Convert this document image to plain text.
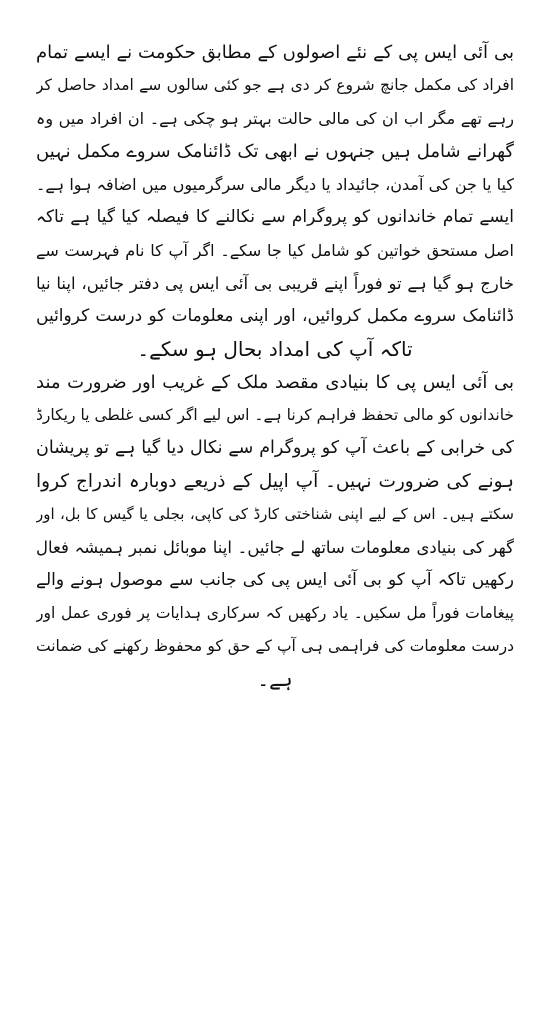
بی آئی ایس پی کے نئے اصولوں کے مطابق حکومت نے ایسے تمام
افراد کی مکمل جانچ شروع کر دی ہے جو کئی سالوں سے امداد حاصل کر
رہے تھے مگر اب ان کی مالی حالت بہتر ہو چکی ہے۔ ان افراد میں وہ
گھرانے شامل ہیں جنہوں نے ابھی تک ڈائنامک سروے مکمل نہیں
کیا یا جن کی آمدن، جائیداد یا دیگر مالی سرگرمیوں میں اضافہ ہوا ہے۔
ایسے تمام خاندانوں کو پروگرام سے نکالنے کا فیصلہ کیا گیا ہے تاکہ
اصل مستحق خواتین کو شامل کیا جا سکے۔ اگر آپ کا نام فہرست سے
خارج ہو گیا ہے تو فوراً اپنے قریبی بی آئی ایس پی دفتر جائیں، اپنا نیا
ڈائنامک سروے مکمل کروائیں، اور اپنی معلومات کو درست کروائیں
تاکہ آپ کی امداد بحال ہو سکے۔
بی آئی ایس پی کا بنیادی مقصد ملک کے غریب اور ضرورت مند
خاندانوں کو مالی تحفظ فراہم کرنا ہے۔ اس لیے اگر کسی غلطی یا ریکارڈ
کی خرابی کے باعث آپ کو پروگرام سے نکال دیا گیا ہے تو پریشان
ہونے کی ضرورت نہیں۔ آپ اپیل کے ذریعے دوبارہ اندراج کروا
سکتے ہیں۔ اس کے لیے اپنی شناختی کارڈ کی کاپی، بجلی یا گیس کا بل، اور
گھر کی بنیادی معلومات ساتھ لے جائیں۔ اپنا موبائل نمبر ہمیشہ فعال
رکھیں تاکہ آپ کو بی آئی ایس پی کی جانب سے موصول ہونے والے
پیغامات فوراً مل سکیں۔ یاد رکھیں کہ سرکاری ہدایات پر فوری عمل اور
درست معلومات کی فراہمی ہی آپ کے حق کو محفوظ رکھنے کی ضمانت
ہے۔
